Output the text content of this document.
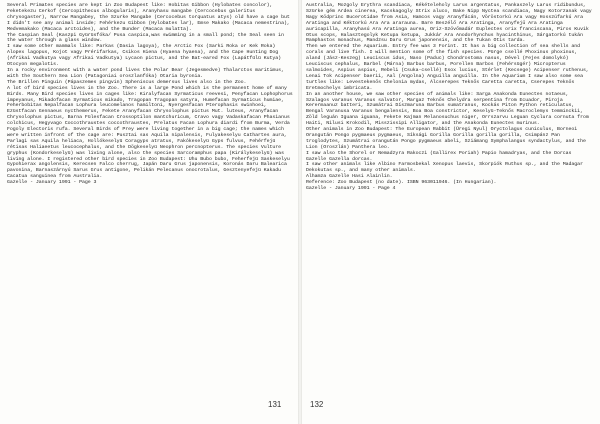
Several Primates species are kept in Zoo Budapest like: Hobitas Gibbon (Hylobates concolor), Feketekezu Cerkof (Cercopithecus albogularis), Aranyhasu mangabe (Cercocebus galeritus chrysogaster), Narrow Mangabey, the Szurke Mangabe (Cercocebus torquatus atys) old have a cage but I didn't see any animal inside; Fehérkezu Gibbon (Hylobates lar), Emse Makako (Macaca nemestrina), Medvemakako (Macaca arctoides), and the Bunder (Macaca mulatta).

The Caspian Seal (Kaszpi Gyürüsfóka/ Pusa caspica,was swimming in a small pond; the Seal seen in the water through a glass window.

I saw some other mammals like: Parkas (Dasia lagoya), the Arctic Fox (Sarki Roka or Kek Roka) Alopex lagopus, Kojot vagy Prérifarkas, Csikos Hiena (Hyaena hyaena), and the Cape Hunting Dog (Afrikai Vadkutya vagy Afrikai Vadkutya) Lycaon pictus, and the Bat-eared Fox (Lapátfülü Kutya) Otocyon megalotis.

In a rocky environment with a water pond lives the Polar Bear (Jegesmedve) Thalarctos maritimus, with the Southern Sea Lion (Patagoniai oroszlanfóka) Otaria byronia.

The Brillen Pinguin (Pápaszemes pingvin) Spheniscus demersus lives also in the Zoo.

A lot of bird species lives in the Zoo. There is a large Pond which is the permanent home of many Birds. Many Bird species lives in cages like: Kiralyfacan Syrmaticus reevesi, Penyfacan Lophophorus impeyanus, Mikadofacan Syrmaticus mikado, Tragopan Tragopan satyra, Humefacan Syrmaticus humiae, Feherbobitas Nepalfacan Lophura leucomelanos hamiltoni, Nyergesfacan Pterophasis swinhoei, Ezüstfacan Gennaeus nycthemerus, Fekete Aranyfacan Chrysolophus pictus Mut. luteus, Aranyfacan Chrysolophus pictus, Barna Fülesfacan Crossoptilon mantchuricum, Cravo vagy Vadaskafacan Phasianus colchicus, Hegyvago Coccothraustes coccothraustes, Prelatus Facan Lophura diardi from Burma, Verda Fogoly Electoris rufa. Several Birds of Prey were living together in a big cage; the names which were written infront of the cage are: Pusztai sas Aquila nipalensis, Fulyakeselyu Cathartes aura, Parlagi sas Aquila heliaca, Hollókeselyü Coragyps atratus, Fakókeselyü Gyps fulvus, Fehérfejü rétisas Haliaeetus leucocephalus, and the Dögkeselyü Neophron percnopterus. The species Vulture gryphus (Kondorkeselyü) was living alone, also the species Sarcoramphus papa (Királykeselyü) was living alone. I registered other bird species in Zoo Budapest: Uhu Bubo bubo, Feherfejü Saskeselyu Gypohierax angolensis, Kerecsen Falco cherrug, Japán Daru Grus japonensis, Koronás Daru Balearica pavonina, Barnaszárnyú Sarus Grus antigone, Pelikán Pelecanus onocrotalus, Gesztenyefejü Kakadu Cacatua sanguinea from Australia.

Gazelle - January 1991 - Page 3

131

Australia, Mozgoly Erythra scandiaca, Kékételeholy Larus argentatus, Pankaszely Larus ridibundus, Szürke gém Ardea cinerea, Kacskagogly Strix aluco, Bake Nipp Nyctea scandiaca, Nagy Kotorzanak vagy Nagy Ködprinc Bucerotidae from Asia, Hamcos vagy Aranyfácán, Vöröstorkú Ara vagy Hosszúfarkú Ara Aratinga and Kéktorkú Ara Ara ararauna. Bare Beszélő Ara Aratinga, Aranyfejű Ara Aratinga auricapilla, Aranyhasú Ara Aratinga aurea, Oriz-Szövőmadár Euplectes orix franciscana, Piros Kuvik Otus scops, Halasztegolyk Ketupa ketupa, Jukkár Ara Anodorhynchus hyacinthinus, Sárgatorkú tukán Ramphastos monachus, Mandzsu Daru Grus japonensis, and the Tukan Otis tarda.

Then we entered the Aquarium. Entry fee was 3 Forint. It has a big collection of sea shells and corals and live fish. I will mention some of the fish species. Pürge csellé Phoxinus phoxinus, aland (Jász-Keszeg) Leuciscus idus, Naso (Paduc) Chondrostoma nasus, Dével (Fejes domolykó) Leuciscus cephalus, Barbel (Márna) Barbus barbus, Porellen Barbos (Fehérsügér) Micropterus salmoides, Aspius aspius, Rebeli (Csuka-csellé) Esox lucius, Stérlet (Kecsege) Acipenser ruthenus, Lenai Tok Acipenser baerii, Aal (Angolna) Anguilla anguilla. In the Aquarium I saw also some sea turtles like: Levestekenős Chelonia mydas, Álcserepes Teknős Caretta caretta, Cserepes Teknős Eretmochelys imbricata.

In an another house, we saw other species of animals like: Sarga Anakonda Eunectes notaeus, Szalagos varanus Varanus salvator, Margaz Teknős Chelydra serpentina from Ecuador, Piroja Kerermaanuz batteri, Szumátrai Díszmaruna Barbus sumatranus, Kockás Piton Python reticulatus, Bengal Varanusa Varanus bengalensis, Boa Boa constrictor, Keselyü-Teknős Macroclemys temminckii, Zöld leguán Iguana iguana, Fekete Kajman Melanosuchus niger, Orrszarvu Leguan Cyclura cornuta from Haiti, Nilusi Krokodil, Misszissipi Alligator, and the Anakonda Eunectes murinus.

Other animals in Zoo Budapest: The European Rabbit (Üregi Nyul) Oryctolagus cuniculus, Borneoi Orangután Pongo pygmaeus pygmaeus, Síksági Gorilla Gorilla gorilla gorilla, Csimpánz Pan troglodytes, Szumátrai orangután Pongo pygmaeus abeli, Sziámang Symphalangus syndactylus, and the Lion (Oroszlán) Panthera leo.

I saw also the Shorel or Nemadzyra Rakoczi (Gallirex Poriah) Papio hamadryas, and the Dorcas Gazelle Gazella dorcas.

I saw other animals like Albino Farmosbekal Xenopus laevis, Skorpiók Ruthus sp., and the Madagar Dekokutas sp., and many other animals.

Alhamza Gazelle Hasi Alainlin.

Reference: Zoo Budapest (no date). ISBN 963011946. (In Hungarian).

Gazelle - January 1991 - Page 4

132
